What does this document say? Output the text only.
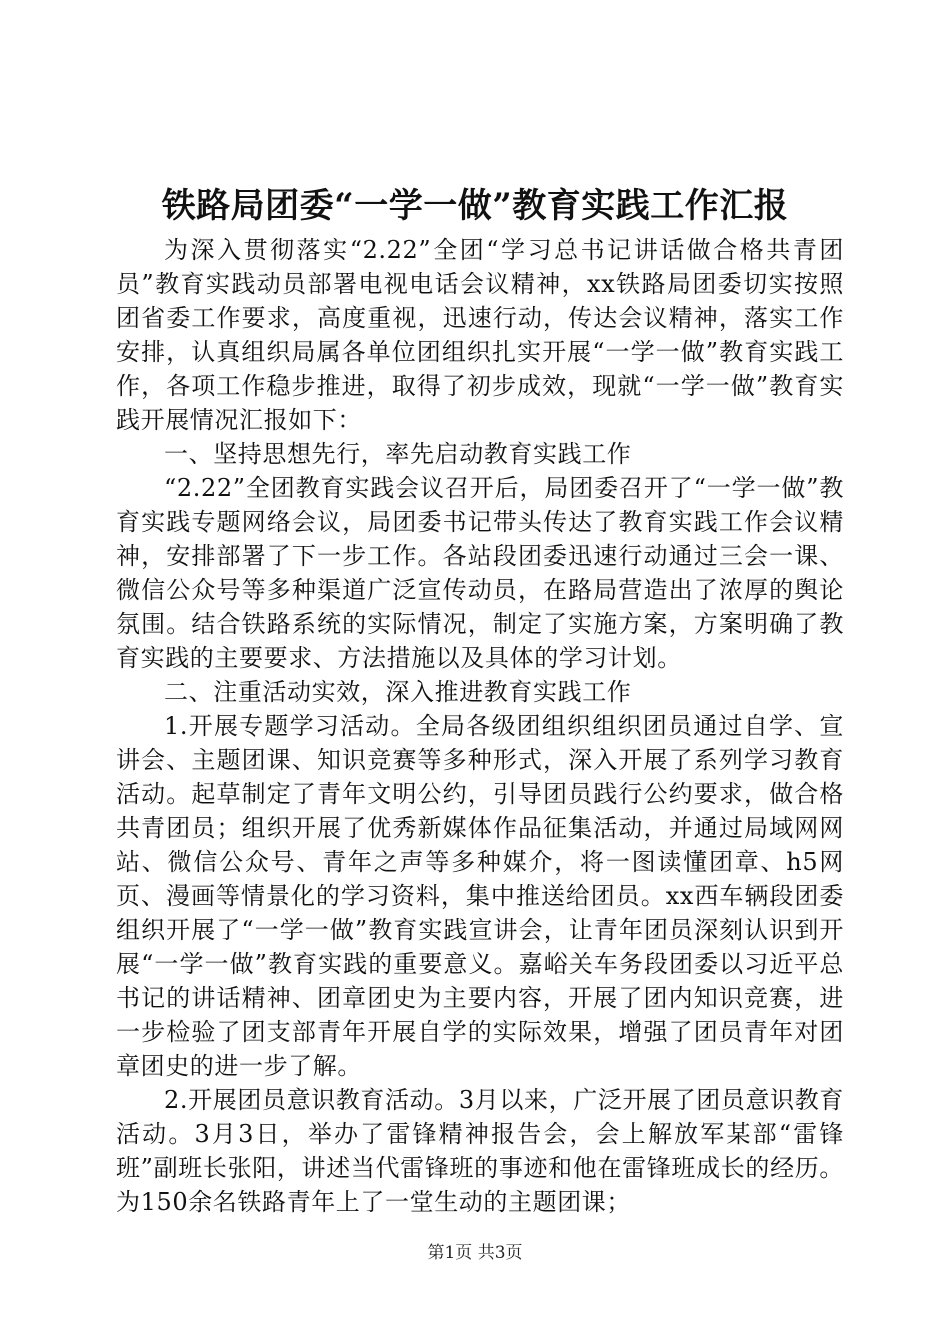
铁路局团委“一学一做”教育实践工作汇报

为深入贯彻落实“2.22”全团“学习总书记讲话做合格共青团员”教育实践动员部署电视电话会议精神，xx铁路局团委切实按照团省委工作要求，高度重视，迅速行动，传达会议精神，落实工作安排，认真组织局属各单位团组织扎实开展“一学一做”教育实践工作，各项工作稳步推进，取得了初步成效，现就“一学一做”教育实践开展情况汇报如下：

一、坚持思想先行，率先启动教育实践工作

“2.22”全团教育实践会议召开后，局团委召开了“一学一做”教育实践专题网络会议，局团委书记带头传达了教育实践工作会议精神，安排部署了下一步工作。各站段团委迅速行动通过三会一课、微信公众号等多种渠道广泛宣传动员，在路局营造出了浓厚的舆论氛围。结合铁路系统的实际情况，制定了实施方案，方案明确了教育实践的主要要求、方法措施以及具体的学习计划。

二、注重活动实效，深入推进教育实践工作

1.开展专题学习活动。全局各级团组织组织团员通过自学、宣讲会、主题团课、知识竞赛等多种形式，深入开展了系列学习教育活动。起草制定了青年文明公约，引导团员践行公约要求，做合格共青团员；组织开展了优秀新媒体作品征集活动，并通过局域网网站、微信公众号、青年之声等多种媒介，将一图读懂团章、h5网页、漫画等情景化的学习资料，集中推送给团员。xx西车辆段团委组织开展了“一学一做”教育实践宣讲会，让青年团员深刻认识到开展“一学一做”教育实践的重要意义。嘉峪关车务段团委以习近平总书记的讲话精神、团章团史为主要内容，开展了团内知识竞赛，进一步检验了团支部青年开展自学的实际效果，增强了团员青年对团章团史的进一步了解。

2.开展团员意识教育活动。3月以来，广泛开展了团员意识教育活动。3月3日，举办了雷锋精神报告会，会上解放军某部“雷锋班”副班长张阳，讲述当代雷锋班的事迹和他在雷锋班成长的经历。为150余名铁路青年上了一堂生动的主题团课；

第1页 共3页
